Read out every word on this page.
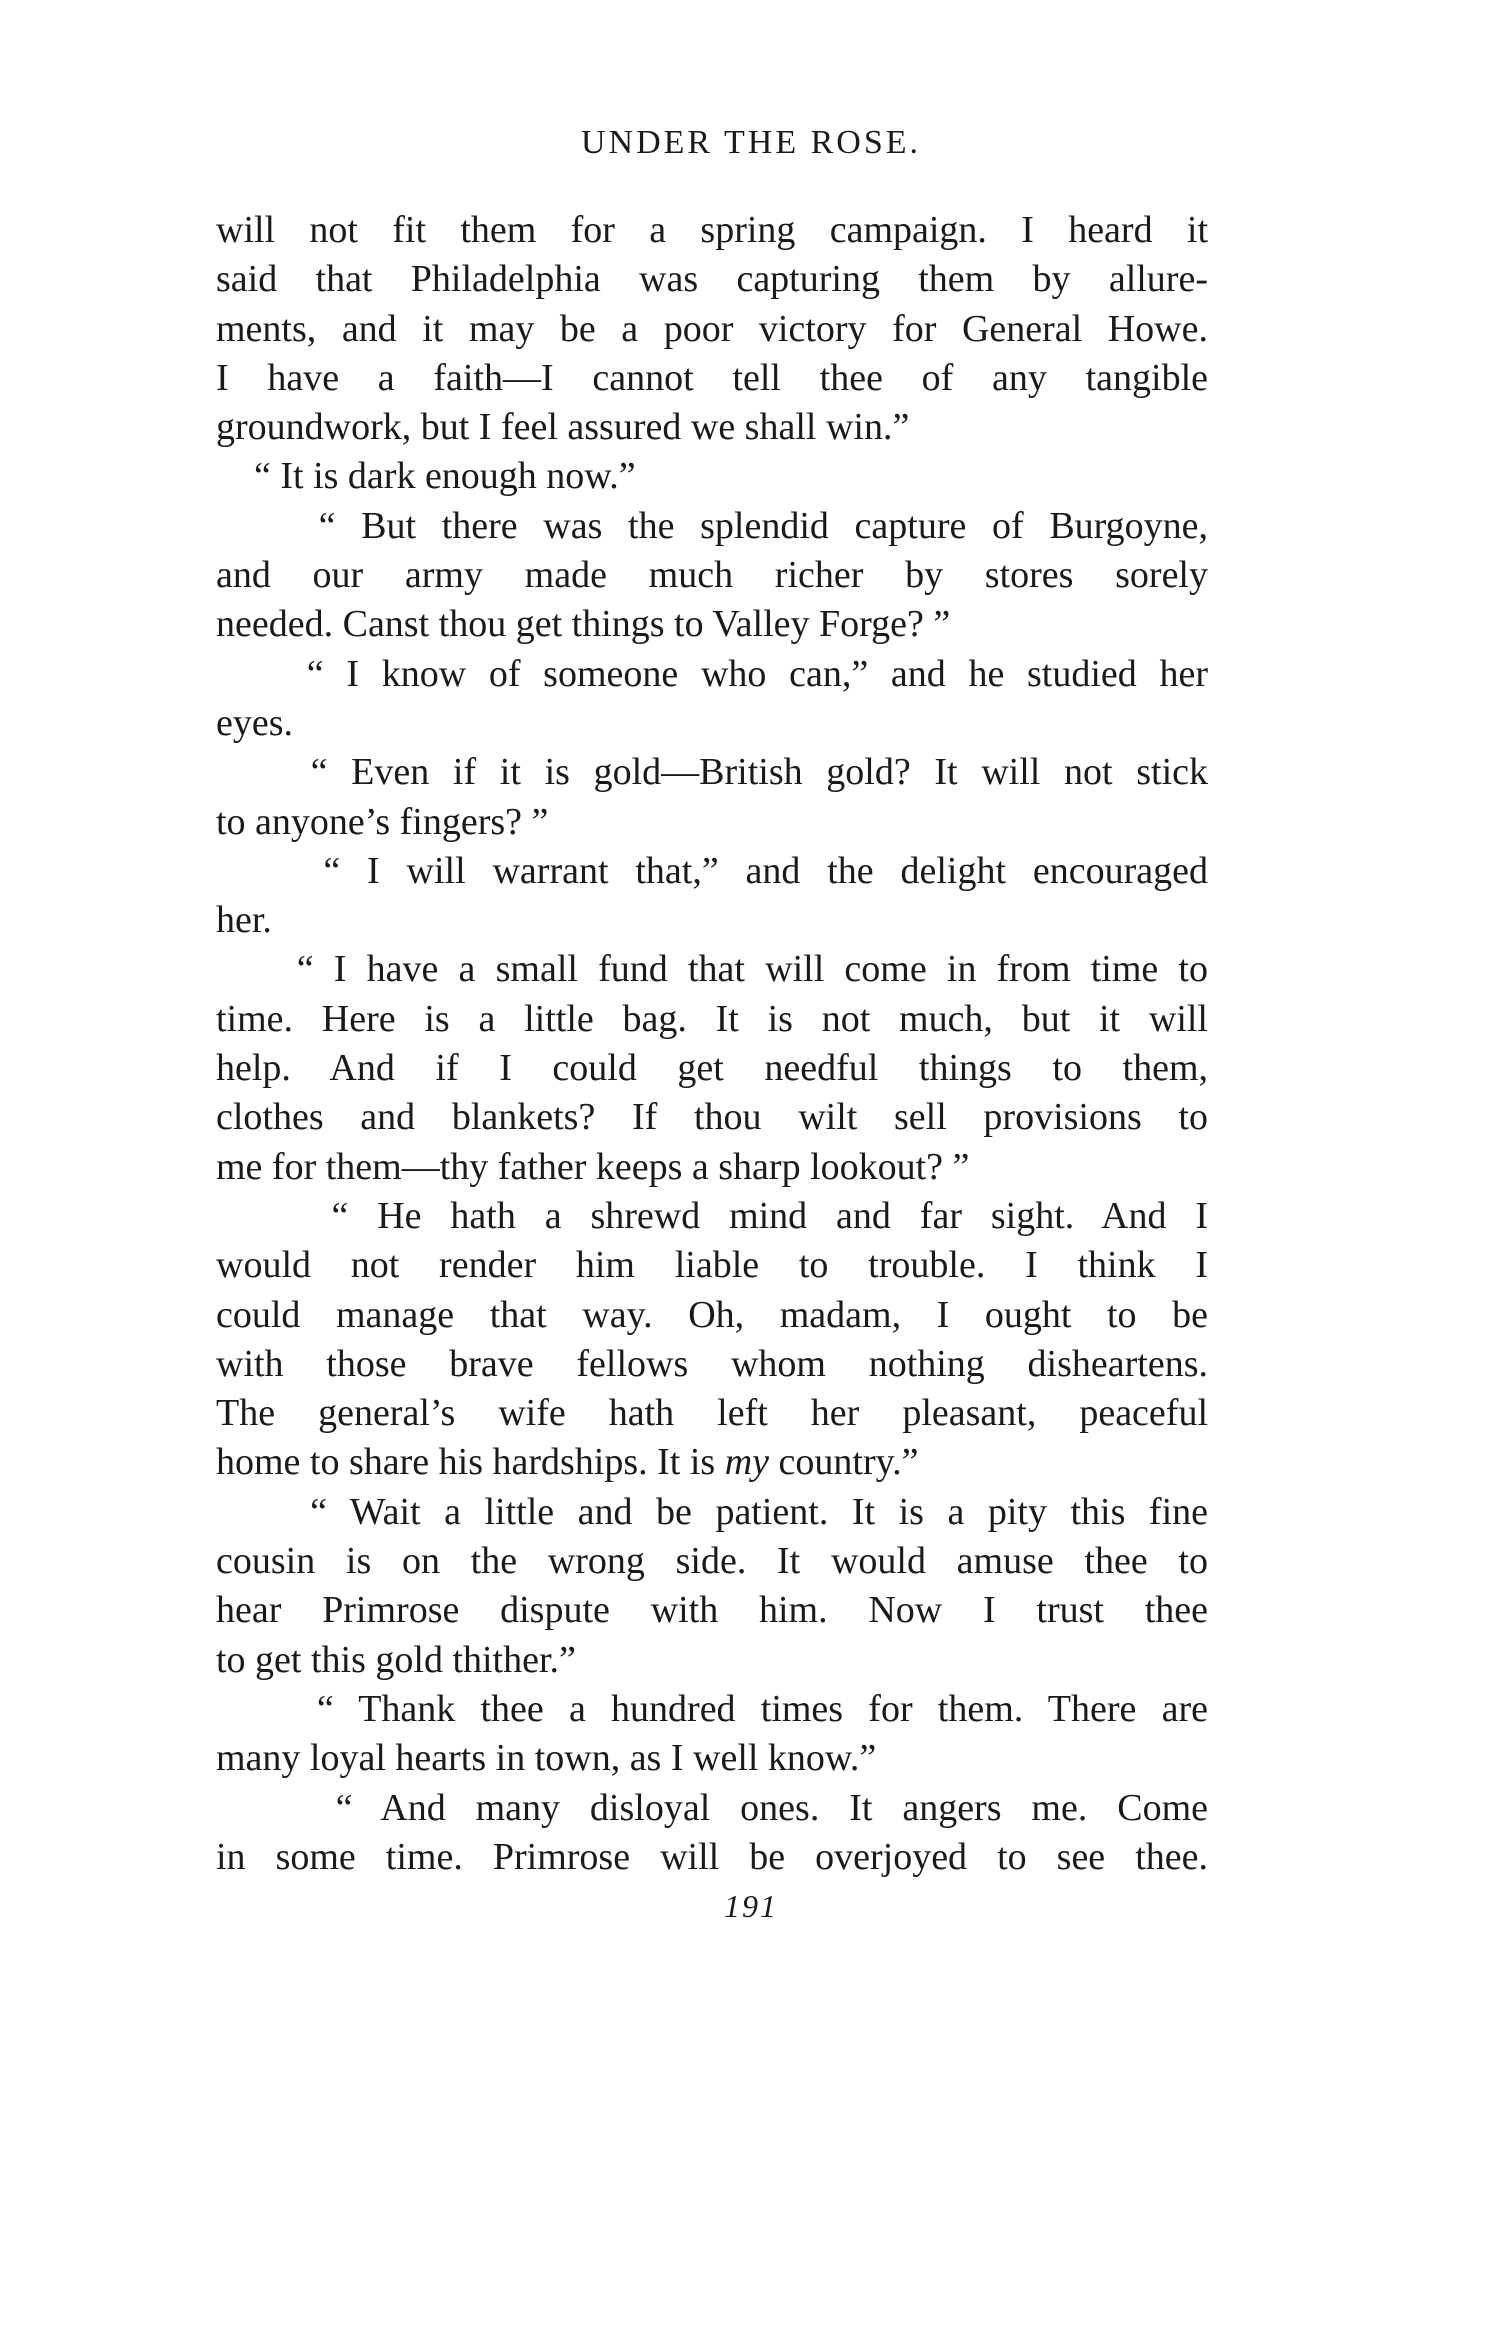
UNDER THE ROSE.
will not fit them for a spring campaign. I heard it
said that Philadelphia was capturing them by allure-
ments, and it may be a poor victory for General Howe.
I have a faith—I cannot tell thee of any tangible
groundwork, but I feel assured we shall win.”
“ It is dark enough now.”
“ But there was the splendid capture of Burgoyne,
and our army made much richer by stores sorely
needed. Canst thou get things to Valley Forge? ”
“ I know of someone who can,” and he studied her
eyes.
“ Even if it is gold—British gold? It will not stick
to anyone’s fingers? ”
“ I will warrant that,” and the delight encouraged
her.
“ I have a small fund that will come in from time to
time. Here is a little bag. It is not much, but it will
help. And if I could get needful things to them,
clothes and blankets? If thou wilt sell provisions to
me for them—thy father keeps a sharp lookout? ”
“ He hath a shrewd mind and far sight. And I
would not render him liable to trouble. I think I
could manage that way. Oh, madam, I ought to be
with those brave fellows whom nothing disheartens.
The general’s wife hath left her pleasant, peaceful
home to share his hardships. It is my country.”
“ Wait a little and be patient. It is a pity this fine
cousin is on the wrong side. It would amuse thee to
hear Primrose dispute with him. Now I trust thee
to get this gold thither.”
“ Thank thee a hundred times for them. There are
many loyal hearts in town, as I well know.”
“ And many disloyal ones. It angers me. Come
in some time. Primrose will be overjoyed to see thee.
191
